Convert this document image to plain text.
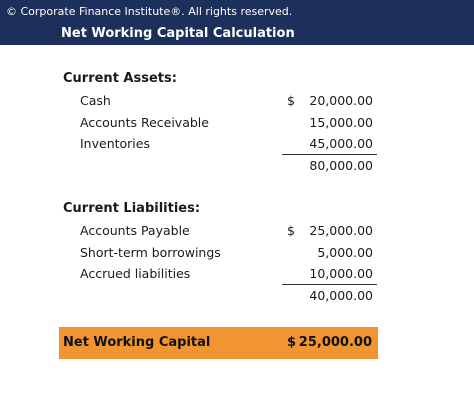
© Corporate Finance Institute®. All rights reserved.
Net Working Capital Calculation
Current Assets:
Cash	$ 20,000.00
Accounts Receivable	15,000.00
Inventories	45,000.00
80,000.00
Current Liabilities:
Accounts Payable	$ 25,000.00
Short-term borrowings	5,000.00
Accrued liabilities	10,000.00
40,000.00
Net Working Capital	$ 25,000.00
